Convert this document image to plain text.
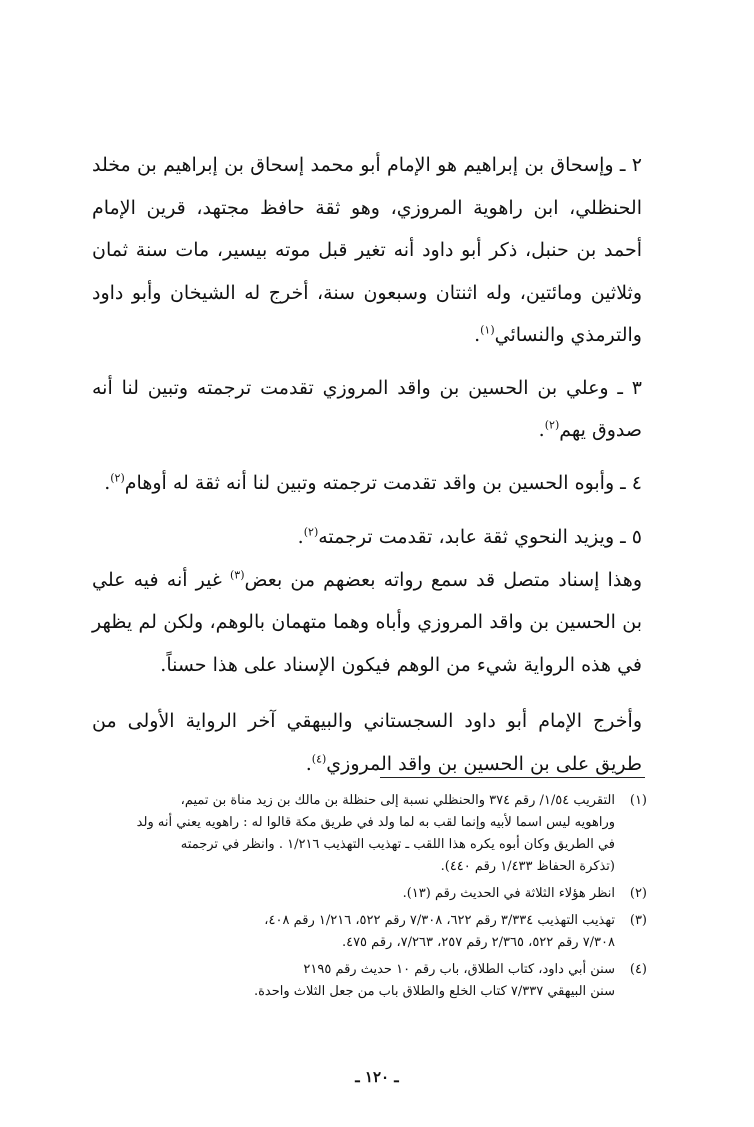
٢ ـ وإسحاق بن إبراهيم هو الإمام أبو محمد إسحاق بن إبراهيم بن مخلد الحنظلي، ابن راهوية المروزي، وهو ثقة حافظ مجتهد، قرين الإمام أحمد بن حنبل، ذكر أبو داود أنه تغير قبل موته بيسير، مات سنة ثمان وثلاثين ومائتين، وله اثنتان وسبعون سنة، أخرج له الشيخان وأبو داود والترمذي والنسائي$^{(١)}$.

٣ ـ وعلي بن الحسين بن واقد المروزي تقدمت ترجمته وتبين لنا أنه صدوق يهم$^{(٢)}$.

٤ ـ وأبوه الحسين بن واقد تقدمت ترجمته وتبين لنا أنه ثقة له أوهام$^{(٢)}$.

٥ ـ ويزيد النحوي ثقة عابد، تقدمت ترجمته$^{(٢)}$.

وهذا إسناد متصل قد سمع رواته بعضهم من بعض$^{(٣)}$ غير أنه فيه علي بن الحسين بن واقد المروزي وأباه وهما متهمان بالوهم، ولكن لم يظهر في هذه الرواية شيء من الوهم فيكون الإسناد على هذا حسناً.

وأخرج الإمام أبو داود السجستاني والبيهقي آخر الرواية الأولى من طريق على بن الحسين بن واقد المروزي$^{(٤)}$.

(١)
التقريب ١/٥٤/ رقم ٣٧٤ والحنظلي نسبة إلى حنظلة بن مالك بن زيد مناة بن تميم،
وراهويه ليس اسما لأبيه وإنما لقب به لما ولد في طريق مكة قالوا له : راهويه يعني أنه ولد
في الطريق وكان أبوه يكره هذا اللقب ـ تهذيب التهذيب ١/٢١٦ . وانظر في ترجمته
(تذكرة الحفاظ ١/٤٣٣ رقم ٤٤٠).
(٢)
انظر هؤلاء الثلاثة في الحديث رقم (١٣).
(٣)
تهذيب التهذيب ٣/٣٣٤ رقم ٦٢٢، ٧/٣٠٨ رقم ٥٢٢، ١/٢١٦ رقم ٤٠٨،
٧/٣٠٨ رقم ٥٢٢، ٢/٣٦٥ رقم ٢٥٧، ٧/٢٦٣، رقم ٤٧٥.
(٤)
سنن أبي داود، كتاب الطلاق، باب رقم ١٠ حديث رقم ٢١٩٥
سنن البيهقي ٧/٣٣٧ كتاب الخلع والطلاق باب من جعل الثلاث واحدة.
ـ ١٢٠ ـ
